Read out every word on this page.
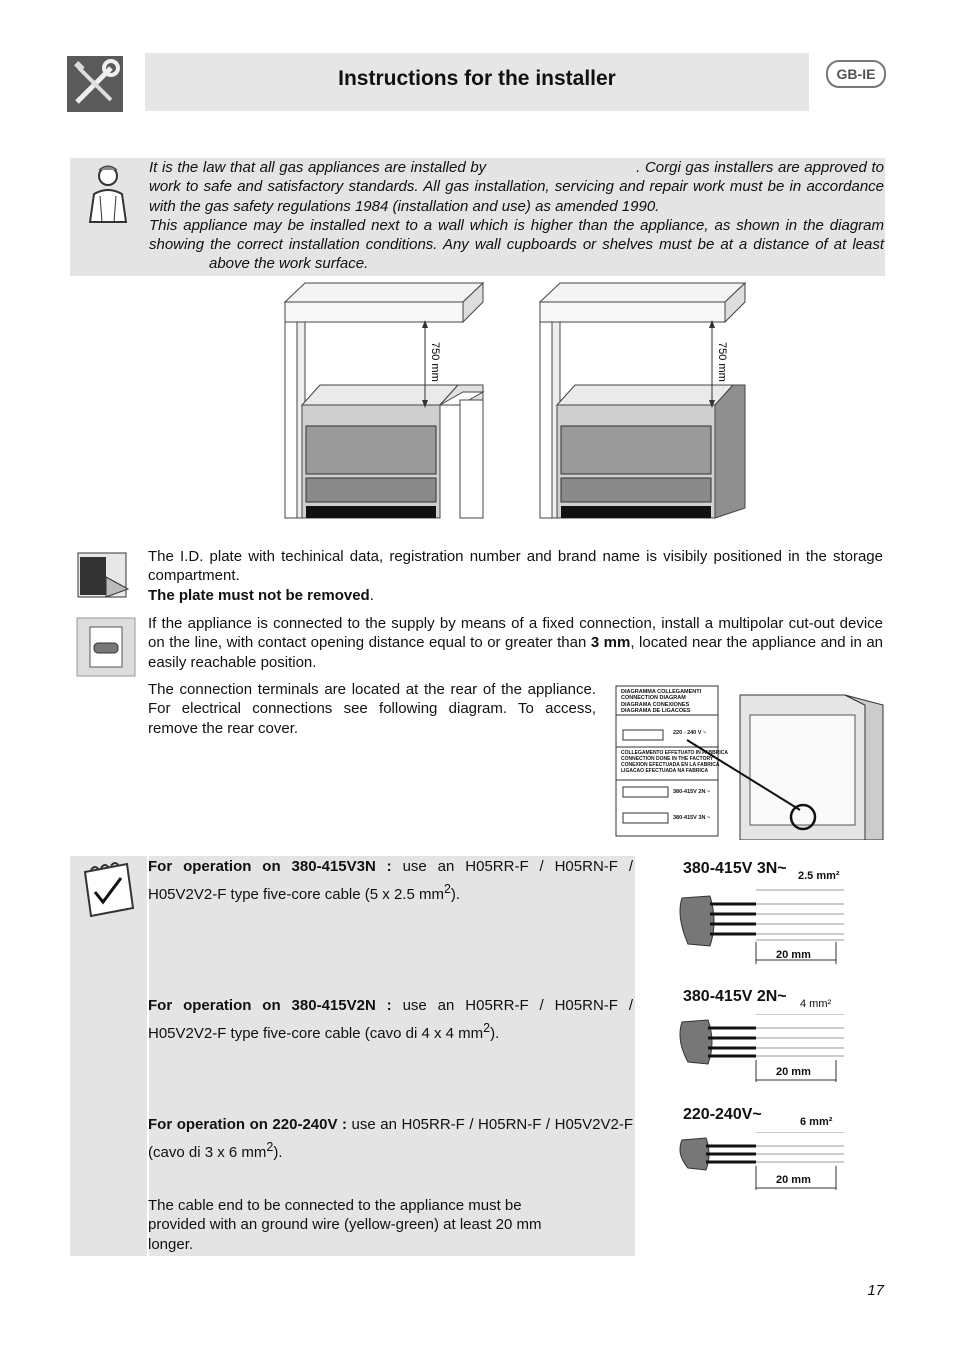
Instructions for the installer	GB-IE
It is the law that all gas appliances are installed by	. Corgi gas installers are approved to work to safe and satisfactory standards. All gas installation, servicing and repair work must be in accordance with the gas safety regulations 1984 (installation and use) as amended 1990.
This appliance may be installed next to a wall which is higher than the appliance, as shown in the diagram showing the correct installation conditions. Any wall cupboards or shelves must be at a distance of at leastabove the work surface.
750 mm	750 mm
The I.D. plate with techinical data, registration number and brand name is visibily positioned in the storage compartment.
The plate must not be removed.
If the appliance is connected to the supply by means of a fixed connection, install a multipolar cut-out device on the line, with contact opening distance equal to or greater than 3 mm, located near the appliance and in an easily reachable position.
The connection terminals are located at the rear of the appliance. For electrical connections see following diagram. To access, remove the rear cover.
DIAGRAMMA COLLEGAMENTI
CONNECTION DIAGRAM
DIAGRAMA CONEXIONES
DIAGRAMA DE LIGACOES
COLLEGAMENTO EFFETUATO IN FABBRICA
CONNECTION DONE IN THE FACTORY
CONEXION EFECTUADA EN LA FABRICA
LIGACAO EFECTUADA NA FABRICA
220 - 240 V ~
380-415V 2N ~
380-415V 3N ~
For operation on 380-415V3N : use an H05RR-F / H05RN-F / H05V2V2-F type five-core cable (5 x 2.5 $mm^2$).
For operation on 380-415V2N : use an H05RR-F / H05RN-F / H05V2V2-F type five-core cable (cavo di 4 x 4 $mm^2$).
For operation on 220-240V : use an H05RR-F / H05RN-F / H05V2V2-F (cavo di 3 x 6 $mm^2$).
The cable end to be connected to the appliance must be provided with an ground wire (yellow-green) at least 20 mm longer.
380-415V 3N~ 2.5 mm²
20 mm
380-415V 2N~ 4 mm²
20 mm
220-240V~	6 mm²
20 mm
17
